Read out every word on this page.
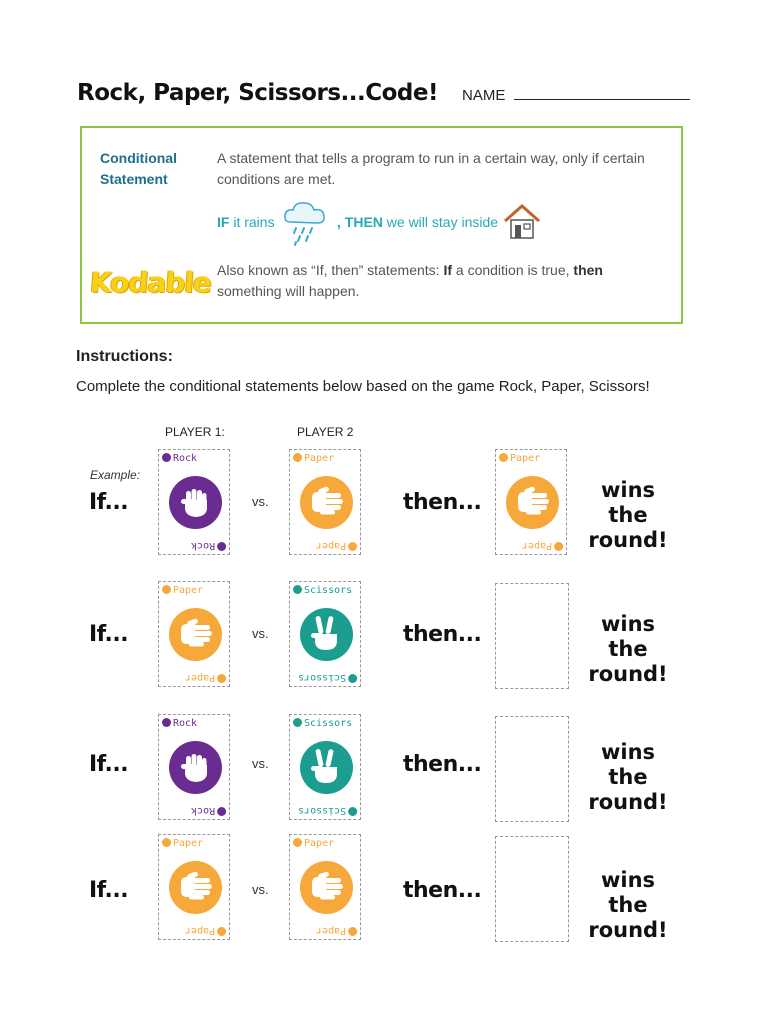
Rock, Paper, Scissors...Code! NAME
Conditional
Statement
A statement that tells a program to run in a certain way, only if certain conditions are met.
IF it rains	, THEN we will stay inside
Also known as “If, then” statements: If a condition is true, then something will happen.
Kodable
Instructions:
Complete the conditional statements below based on the game Rock, Paper, Scissors!
PLAYER 1:	PLAYER 2
Example:
If...
Rock
Rock
vs.
Paper
Paper
then...
Paper
Paper
wins the
round!
If...
Paper
Paper
vs.
Scissors
Scissors
then...	wins the
round!
If...
Rock
Rock
vs.
Scissors
Scissors
then...	wins the
round!
If...
Paper
Paper
vs.
Paper
Paper
then...	wins the
round!
